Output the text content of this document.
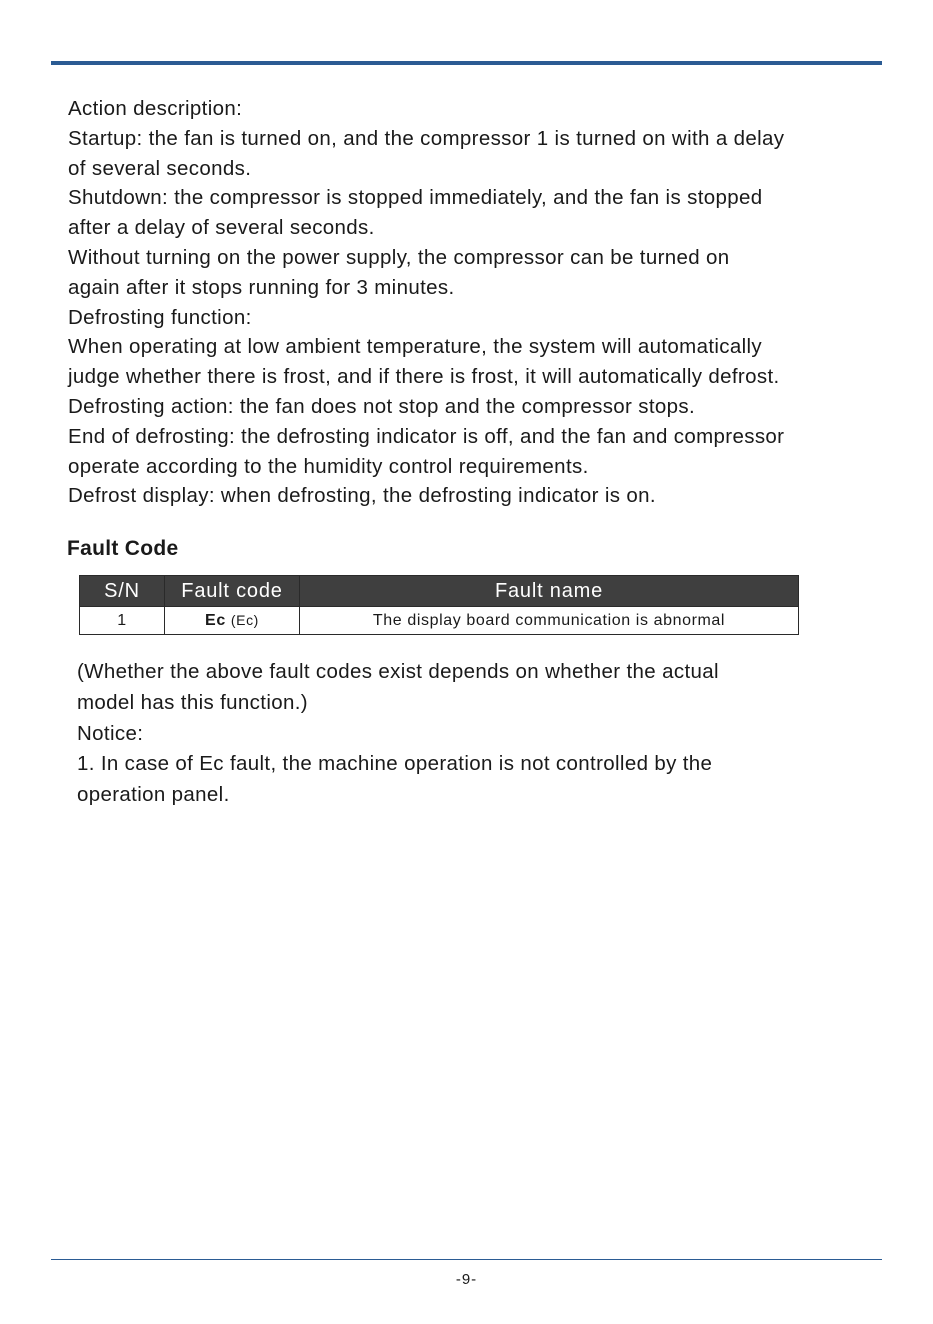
Action description:
Startup: the fan is turned on, and the compressor 1 is turned on with a delay
of several seconds.
Shutdown: the compressor is stopped immediately, and the fan is stopped
after a delay of several seconds.
Without turning on the power supply, the compressor can be turned on
again after it stops running for 3 minutes.
Defrosting function:
When operating at low ambient temperature, the system will automatically
judge whether there is frost, and if there is frost, it will automatically defrost.
Defrosting action: the fan does not stop and the compressor stops.
End of defrosting: the defrosting indicator is off, and the fan and compressor
operate according to the humidity control requirements.
Defrost display: when defrosting, the defrosting indicator is on.
Fault Code
S/N	Fault code	Fault name
1	Ec (Ec)	The display board communication is abnormal
(Whether the above fault codes exist depends on whether the actual
model has this function.)
Notice:
1. In case of Ec fault, the machine operation is not controlled by the
operation panel.
-9-
